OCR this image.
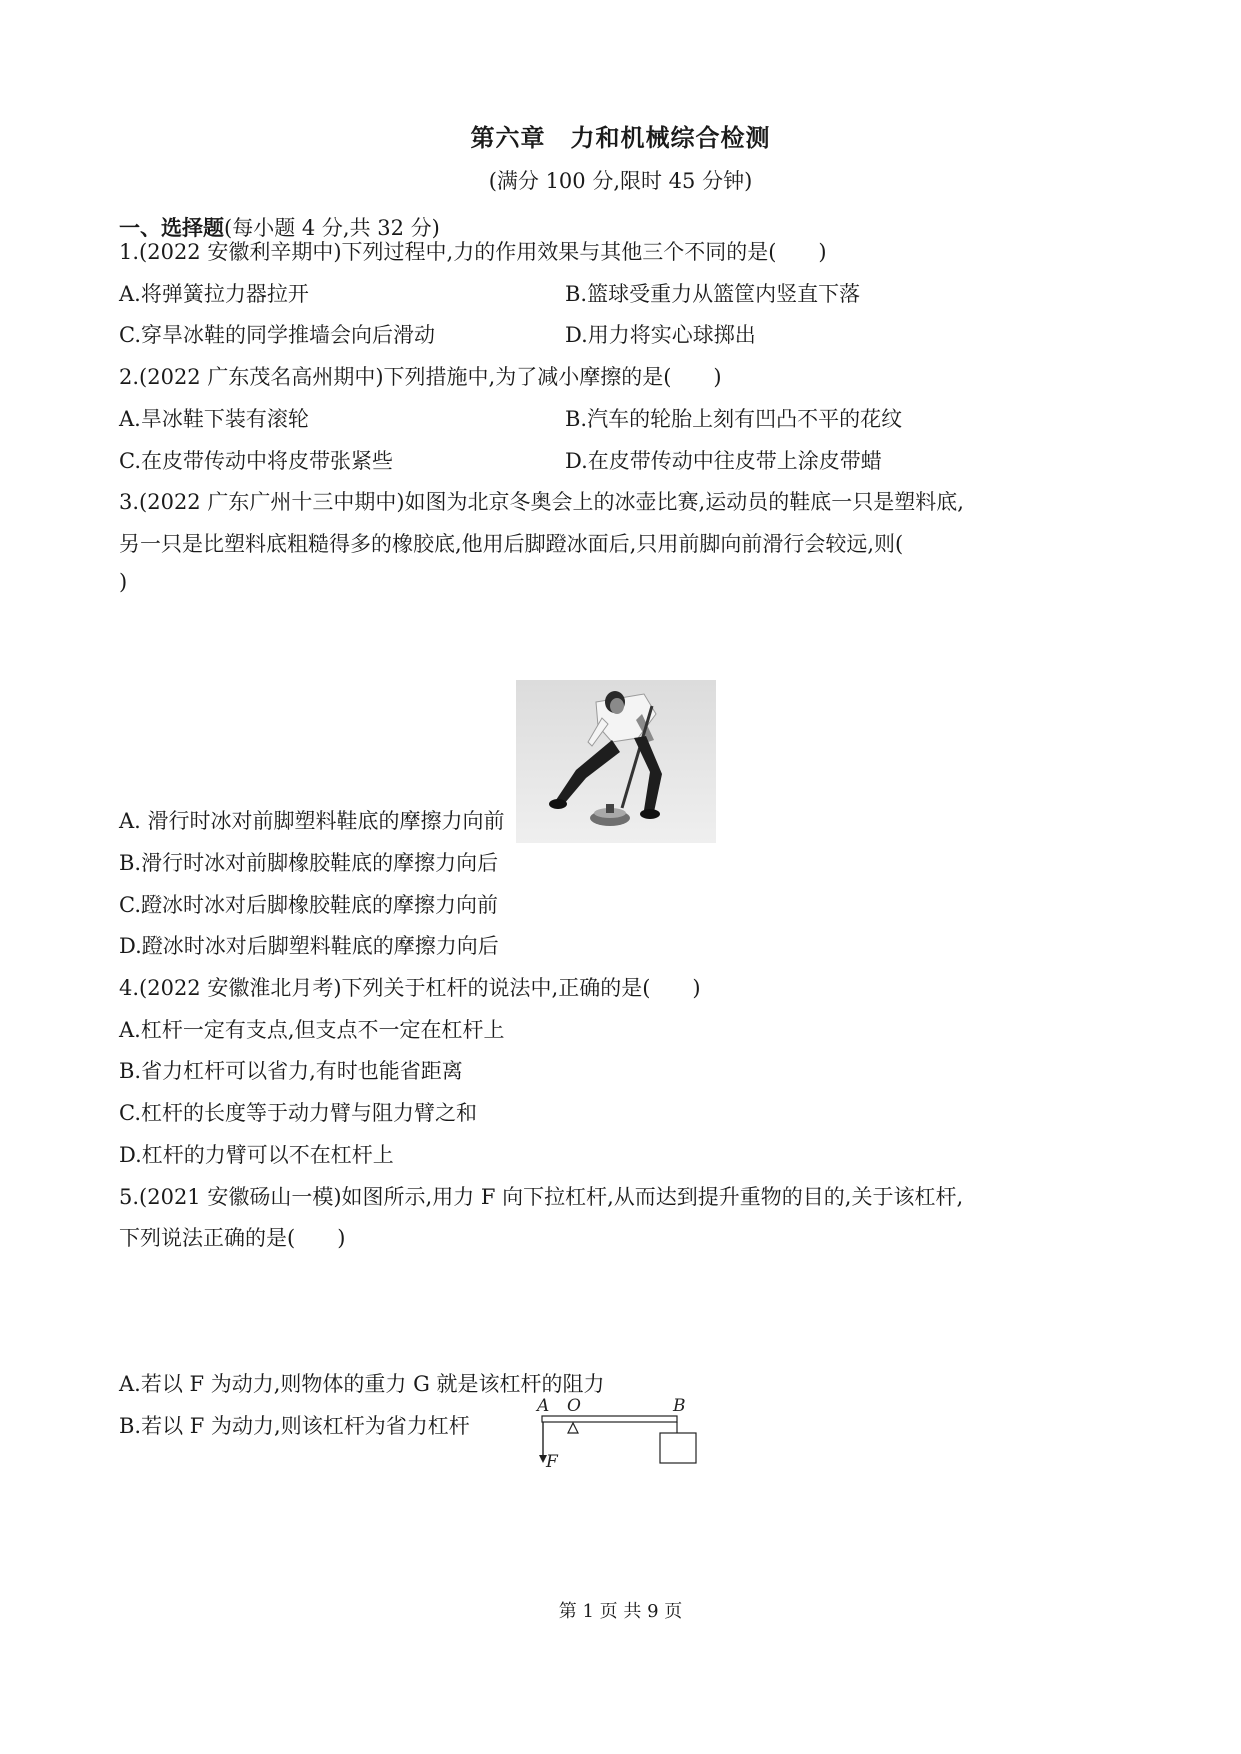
第六章　力和机械综合检测
(满分 100 分,限时 45 分钟)
一、选择题(每小题 4 分,共 32 分)
1.(2022 安徽利辛期中)下列过程中,力的作用效果与其他三个不同的是(　　)
A.将弹簧拉力器拉开	B.篮球受重力从篮筐内竖直下落
C.穿旱冰鞋的同学推墙会向后滑动	D.用力将实心球掷出
2.(2022 广东茂名高州期中)下列措施中,为了减小摩擦的是(　　)
A.旱冰鞋下装有滚轮	B.汽车的轮胎上刻有凹凸不平的花纹
C.在皮带传动中将皮带张紧些	D.在皮带传动中往皮带上涂皮带蜡
3.(2022 广东广州十三中期中)如图为北京冬奥会上的冰壶比赛,运动员的鞋底一只是塑料底,
另一只是比塑料底粗糙得多的橡胶底,他用后脚蹬冰面后,只用前脚向前滑行会较远,则(
)
A. 滑行时冰对前脚塑料鞋底的摩擦力向前
B.滑行时冰对前脚橡胶鞋底的摩擦力向后
C.蹬冰时冰对后脚橡胶鞋底的摩擦力向前
D.蹬冰时冰对后脚塑料鞋底的摩擦力向后
4.(2022 安徽淮北月考)下列关于杠杆的说法中,正确的是(　　)
A.杠杆一定有支点,但支点不一定在杠杆上
B.省力杠杆可以省力,有时也能省距离
C.杠杆的长度等于动力臂与阻力臂之和
D.杠杆的力臂可以不在杠杆上
5.(2021 安徽砀山一模)如图所示,用力 F 向下拉杠杆,从而达到提升重物的目的,关于该杠杆,
下列说法正确的是(　　)
A O	B
F
A.若以 F 为动力,则物体的重力 G 就是该杠杆的阻力
B.若以 F 为动力,则该杠杆为省力杠杆
第 1 页 共 9 页
